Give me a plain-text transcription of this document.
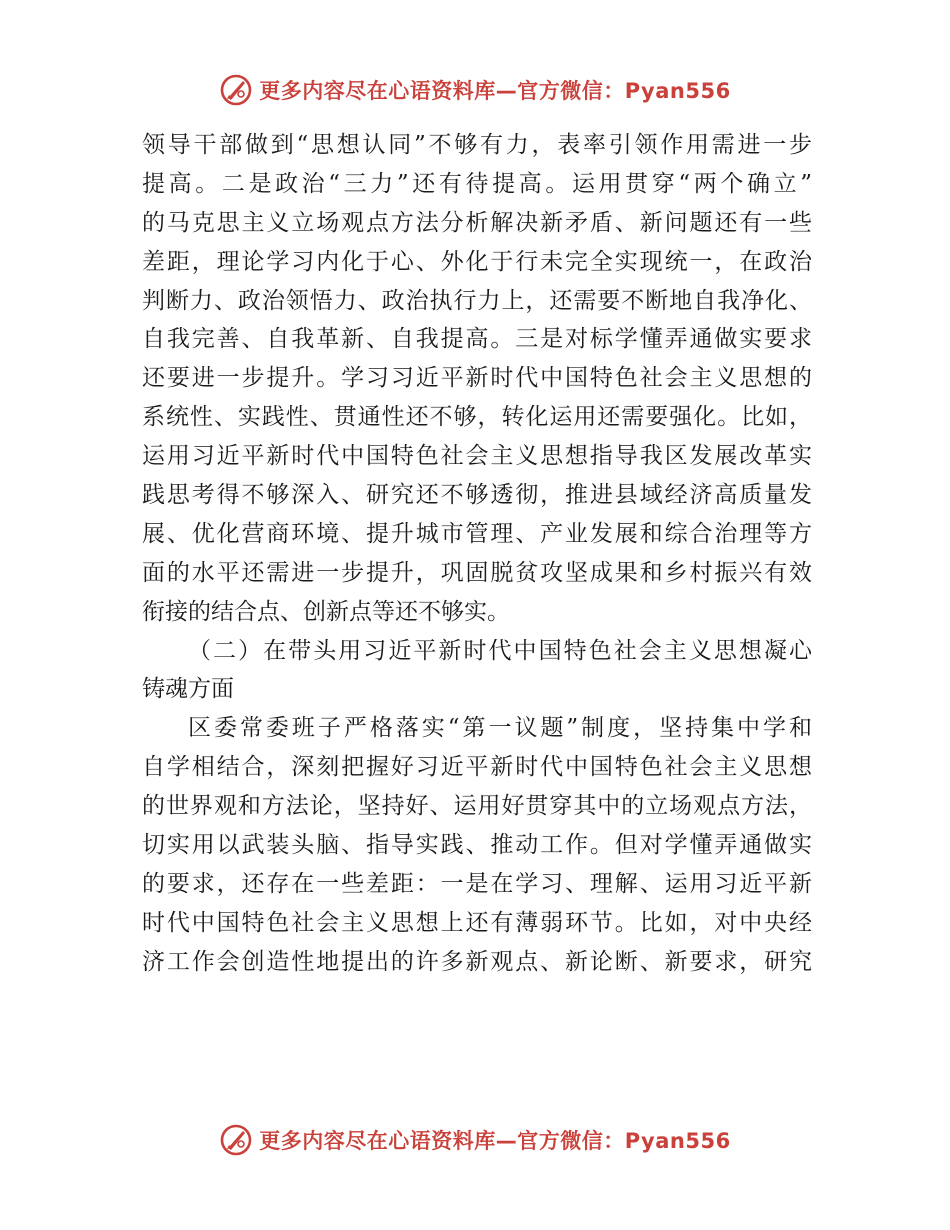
更多内容尽在心语资料库—官方微信：Pyan556
领导干部做到“思想认同”不够有力，表率引领作用需进一步
提高。二是政治“三力”还有待提高。运用贯穿“两个确立”
的马克思主义立场观点方法分析解决新矛盾、新问题还有一些
差距，理论学习内化于心、外化于行未完全实现统一，在政治
判断力、政治领悟力、政治执行力上，还需要不断地自我净化、
自我完善、自我革新、自我提高。三是对标学懂弄通做实要求
还要进一步提升。学习习近平新时代中国特色社会主义思想的
系统性、实践性、贯通性还不够，转化运用还需要强化。比如，
运用习近平新时代中国特色社会主义思想指导我区发展改革实
践思考得不够深入、研究还不够透彻，推进县域经济高质量发
展、优化营商环境、提升城市管理、产业发展和综合治理等方
面的水平还需进一步提升，巩固脱贫攻坚成果和乡村振兴有效
衔接的结合点、创新点等还不够实。
（二）在带头用习近平新时代中国特色社会主义思想凝心
铸魂方面
区委常委班子严格落实“第一议题”制度，坚持集中学和
自学相结合，深刻把握好习近平新时代中国特色社会主义思想
的世界观和方法论，坚持好、运用好贯穿其中的立场观点方法，
切实用以武装头脑、指导实践、推动工作。但对学懂弄通做实
的要求，还存在一些差距：一是在学习、理解、运用习近平新
时代中国特色社会主义思想上还有薄弱环节。比如，对中央经
济工作会创造性地提出的许多新观点、新论断、新要求，研究
更多内容尽在心语资料库—官方微信：Pyan556
